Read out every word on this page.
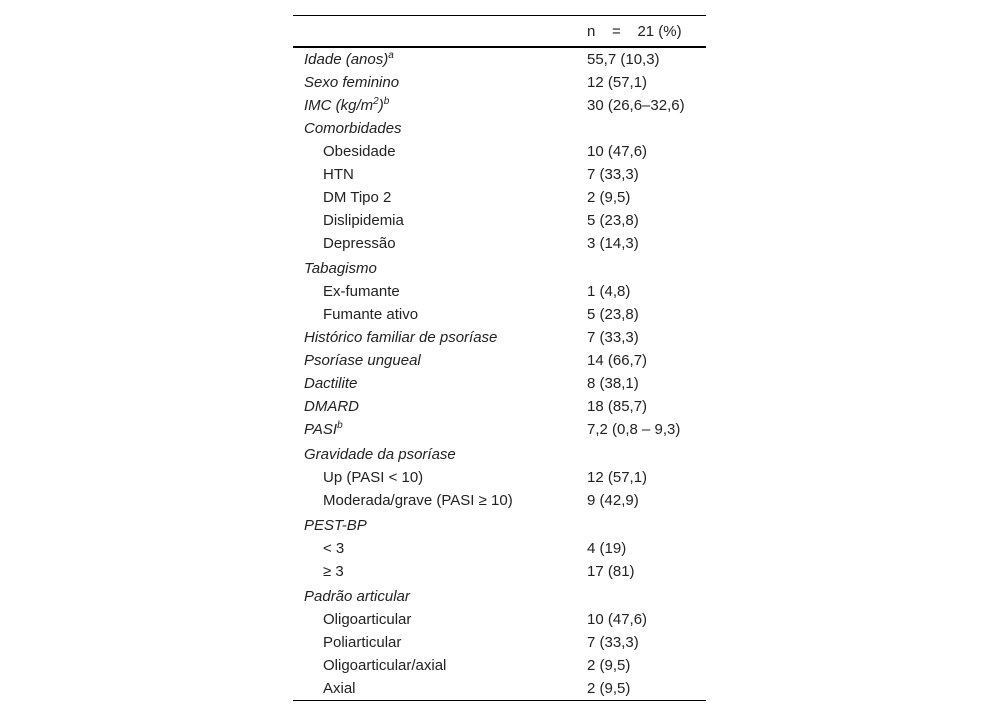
	n    =    21 (%)
Idade (anos)$^a$	55,7 (10,3)
Sexo feminino	12 (57,1)
IMC $(kg/m^2)^b$	30 (26,6–32,6)
Comorbidades	
Obesidade	10 (47,6)
HTN	7 (33,3)
DM Tipo 2	2 (9,5)
Dislipidemia	5 (23,8)
Depressão	3 (14,3)
Tabagismo	
Ex-fumante	1 (4,8)
Fumante ativo	5 (23,8)
Histórico familiar de psoríase	7 (33,3)
Psoríase ungueal	14 (66,7)
Dactilite	8 (38,1)
DMARD	18 (85,7)
PASI$^b$	7,2 (0,8 – 9,3)
Gravidade da psoríase	
Up (PASI < 10)	12 (57,1)
Moderada/grave (PASI ≥ 10)	9 (42,9)
PEST-BP	
< 3	4 (19)
≥ 3	17 (81)
Padrão articular	
Oligoarticular	10 (47,6)
Poliarticular	7 (33,3)
Oligoarticular/axial	2 (9,5)
Axial	2 (9,5)
